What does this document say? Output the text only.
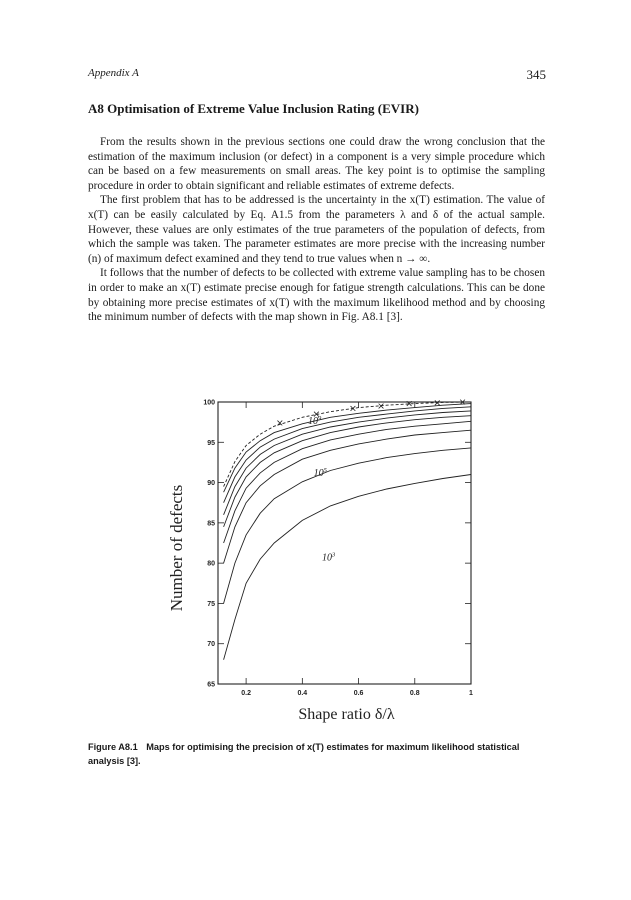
Appendix A	345
A8 Optimisation of Extreme Value Inclusion Rating (EVIR)

From the results shown in the previous sections one could draw the wrong conclusion that the estimation of the maximum inclusion (or defect) in a component is a very simple procedure which can be based on a few measurements on small areas. The key point is to optimise the sampling procedure in order to obtain significant and reliable estimates of extreme defects.

The first problem that has to be addressed is the uncertainty in the x(T) estimation. The value of x(T) can be easily calculated by Eq. A1.5 from the parameters λ and δ of the actual sample. However, these values are only estimates of the true parameters of the population of defects, from which the sample was taken. The parameter estimates are more precise with the increasing number (n) of maximum defect examined and they tend to true values when n → ∞.

It follows that the number of defects to be collected with extreme value sampling has to be chosen in order to make an x(T) estimate precise enough for fatigue strength calculations. This can be done by obtaining more precise estimates of x(T) with the maximum likelihood method and by choosing the minimum number of defects with the map shown in Fig. A8.1 [3].

$10^9$
$10^5$
$10^3$
65
70
75
80
85
90
95
100
0.2	0.4	0.6	0.8	1
Shape ratio δ/λ
Number of defects
Figure A8.1 Maps for optimising the precision of x(T) estimates for maximum likelihood statistical analysis [3].
